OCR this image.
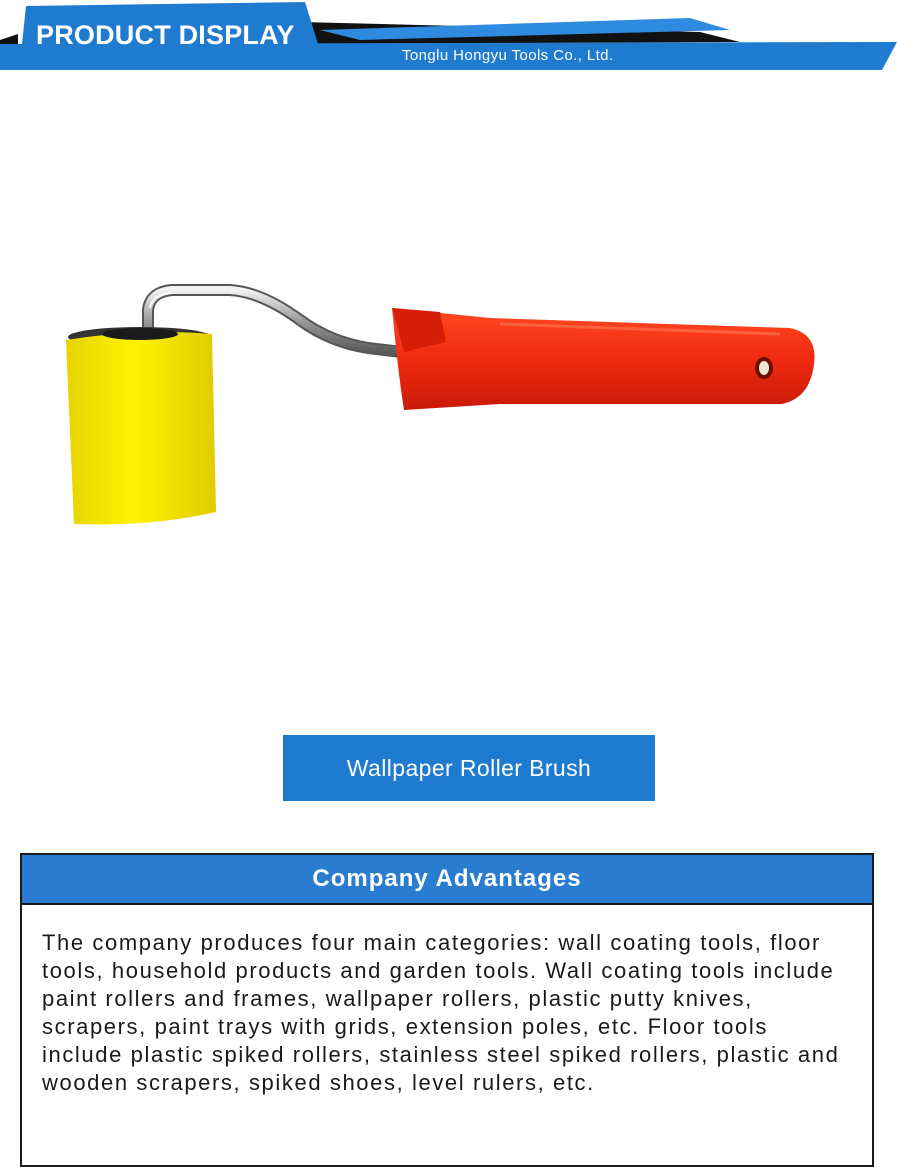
PRODUCT DISPLAY
Tonglu Hongyu Tools Co., Ltd.
Wallpaper Roller Brush
Company Advantages
The company produces four main categories: wall coating tools, floor tools, household products and garden tools. Wall coating tools include paint rollers and frames, wallpaper rollers, plastic putty knives, scrapers, paint trays with grids, extension poles, etc. Floor tools include plastic spiked rollers, stainless steel spiked rollers, plastic and wooden scrapers, spiked shoes, level rulers, etc.
